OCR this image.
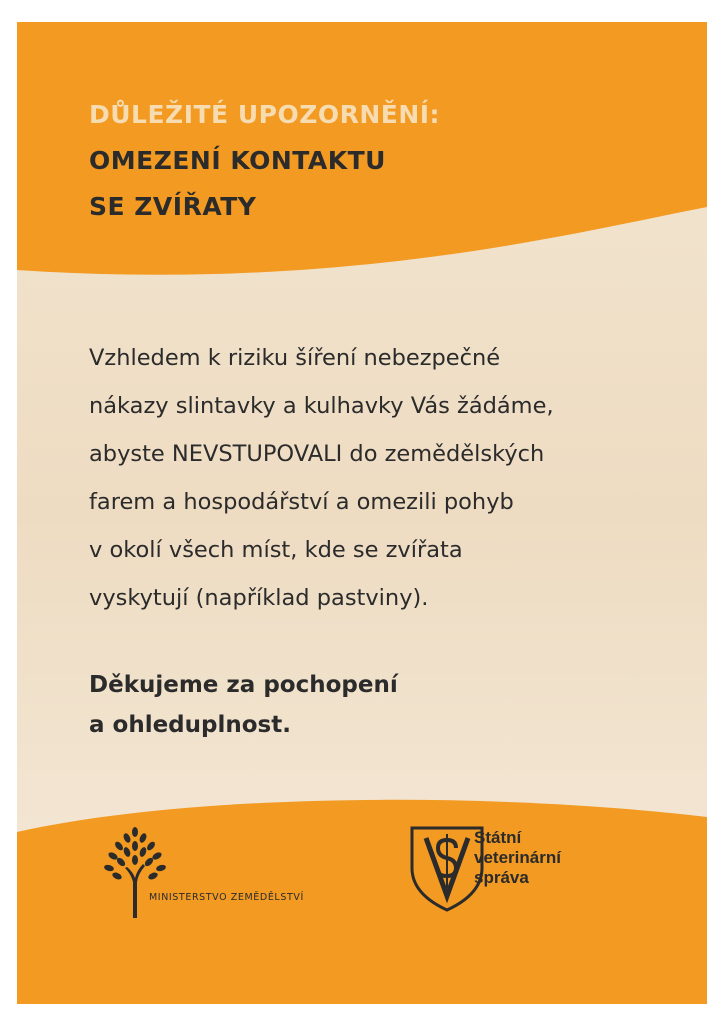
DŮLEŽITÉ UPOZORNĚNÍ:
OMEZENÍ KONTAKTU
SE ZVÍŘATY
Vzhledem k riziku šíření nebezpečné
nákazy slintavky a kulhavky Vás žádáme,
abyste NEVSTUPOVALI do zemědělských
farem a hospodářství a omezili pohyb
v okolí všech míst, kde se zvířata
vyskytují (například pastviny).
Děkujeme za pochopení
a ohleduplnost.
MINISTERSTVO ZEMĚDĚLSTVÍ
Státní
veterinární
správa
